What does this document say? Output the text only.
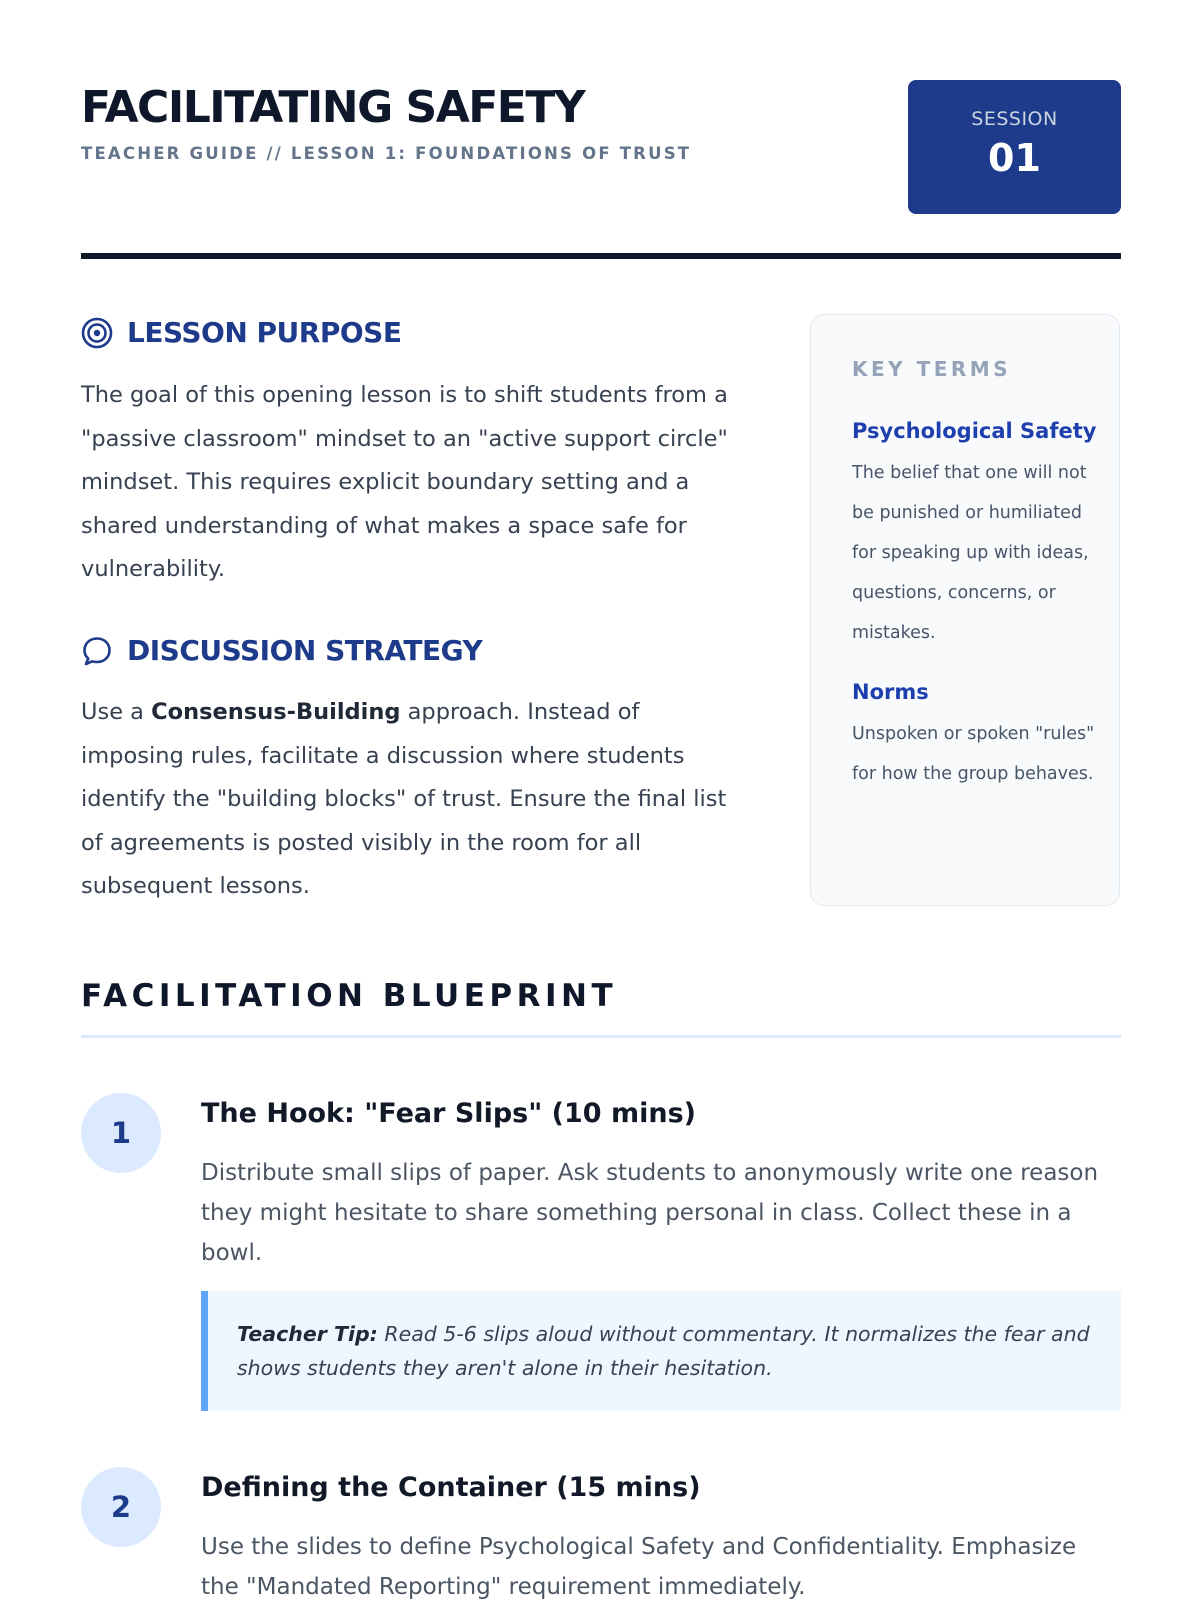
FACILITATING SAFETY
TEACHER GUIDE // LESSON 1: FOUNDATIONS OF TRUST
SESSION
01
LESSON PURPOSE

The goal of this opening lesson is to shift students from a "passive classroom" mindset to an "active support circle" mindset. This requires explicit boundary setting and a shared understanding of what makes a space safe for vulnerability.

DISCUSSION STRATEGY

Use a Consensus-Building approach. Instead of imposing rules, facilitate a discussion where students identify the "building blocks" of trust. Ensure the final list of agreements is posted visibly in the room for all subsequent lessons.

KEY TERMS
Psychological Safety

The belief that one will not be punished or humiliated for speaking up with ideas, questions, concerns, or mistakes.

Norms

Unspoken or spoken "rules" for how the group behaves.

FACILITATION BLUEPRINT
1
The Hook: "Fear Slips" (10 mins)

Distribute small slips of paper. Ask students to anonymously write one reason they might hesitate to share something personal in class. Collect these in a bowl.

Teacher Tip: Read 5-6 slips aloud without commentary. It normalizes the fear and shows students they aren't alone in their hesitation.
2
Defining the Container (15 mins)

Use the slides to define Psychological Safety and Confidentiality. Emphasize the "Mandated Reporting" requirement immediately.
